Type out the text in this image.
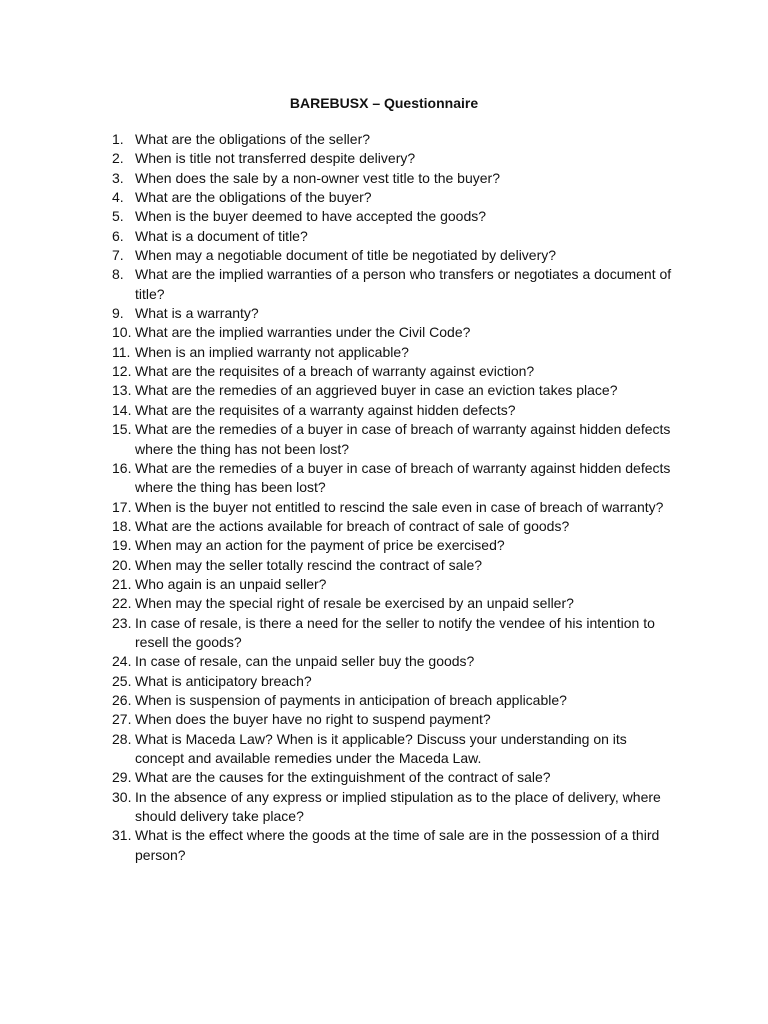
BAREBUSX – Questionnaire
1. What are the obligations of the seller?
2. When is title not transferred despite delivery?
3. When does the sale by a non-owner vest title to the buyer?
4. What are the obligations of the buyer?
5. When is the buyer deemed to have accepted the goods?
6. What is a document of title?
7. When may a negotiable document of title be negotiated by delivery?
8. What are the implied warranties of a person who transfers or negotiates a document of title?
9. What is a warranty?
10. What are the implied warranties under the Civil Code?
11. When is an implied warranty not applicable?
12. What are the requisites of a breach of warranty against eviction?
13. What are the remedies of an aggrieved buyer in case an eviction takes place?
14. What are the requisites of a warranty against hidden defects?
15. What are the remedies of a buyer in case of breach of warranty against hidden defects where the thing has not been lost?
16. What are the remedies of a buyer in case of breach of warranty against hidden defects where the thing has been lost?
17. When is the buyer not entitled to rescind the sale even in case of breach of warranty?
18. What are the actions available for breach of contract of sale of goods?
19. When may an action for the payment of price be exercised?
20. When may the seller totally rescind the contract of sale?
21. Who again is an unpaid seller?
22. When may the special right of resale be exercised by an unpaid seller?
23. In case of resale, is there a need for the seller to notify the vendee of his intention to resell the goods?
24. In case of resale, can the unpaid seller buy the goods?
25. What is anticipatory breach?
26. When is suspension of payments in anticipation of breach applicable?
27. When does the buyer have no right to suspend payment?
28. What is Maceda Law? When is it applicable? Discuss your understanding on its concept and available remedies under the Maceda Law.
29. What are the causes for the extinguishment of the contract of sale?
30. In the absence of any express or implied stipulation as to the place of delivery, where should delivery take place?
31. What is the effect where the goods at the time of sale are in the possession of a third person?
